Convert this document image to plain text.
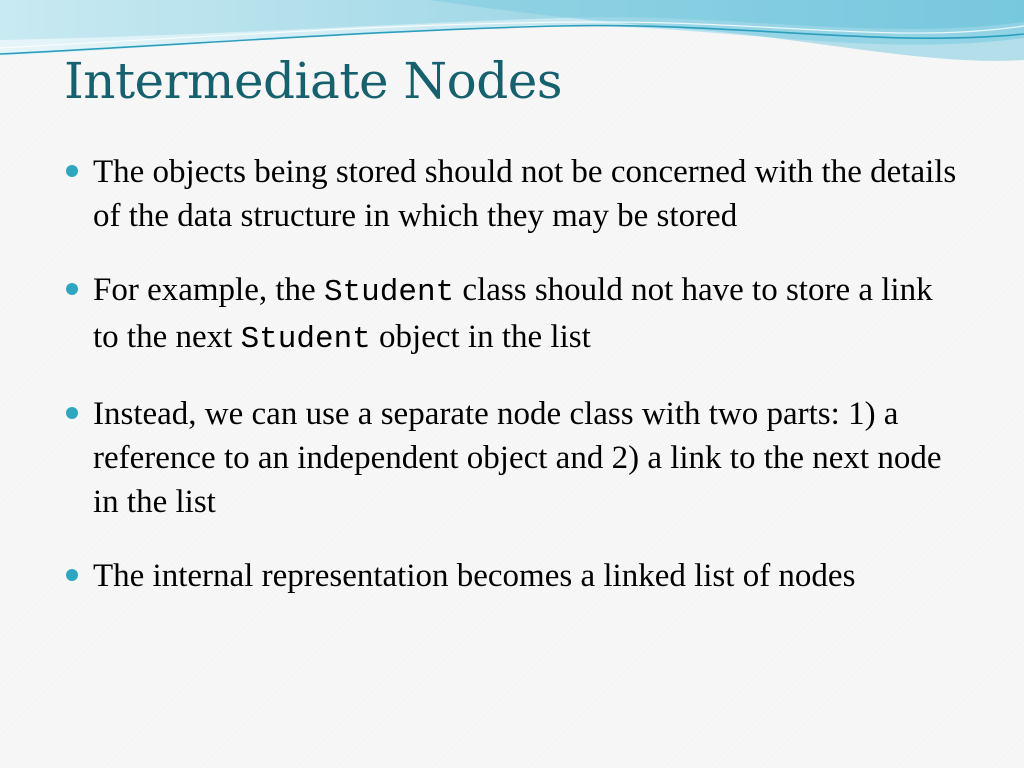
Intermediate Nodes
The objects being stored should not be concerned with the details of the data structure in which they may be stored
For example, the Student class should not have to store a link to the next Student object in the list
Instead, we can use a separate node class with two parts: 1) a reference to an independent object and 2) a link to the next node in the list
The internal representation becomes a linked list of nodes
